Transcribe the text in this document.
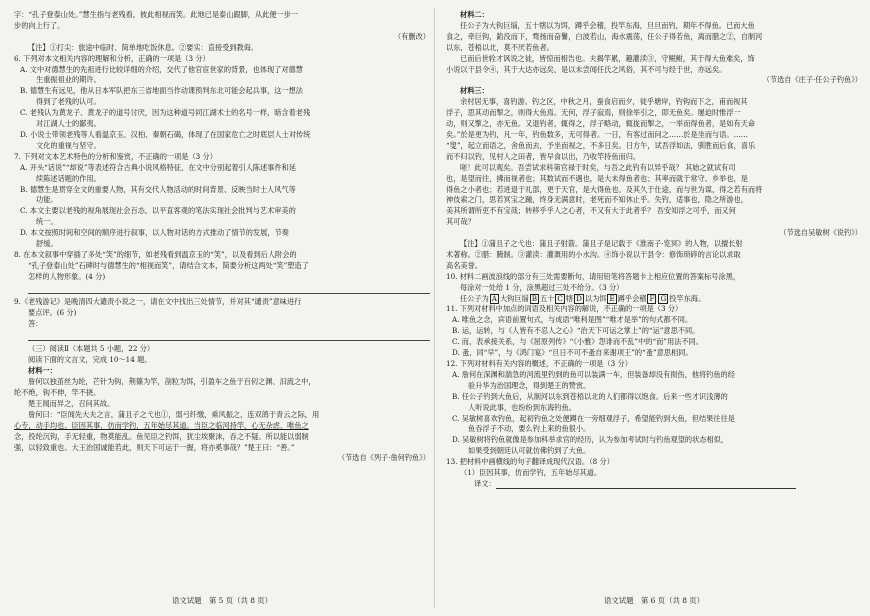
字：“孔子登泰山处。”慧生指与老残看，彼此相视而笑。此地已是泰山跟脚，从此便一步一

步的向上行了。

（有删改）

【注】①打尖：旅途中临时、简单地吃饭休息。②要实：直接受到教诲。

6. 下列对本文相关内容的理解和分析，正确的一项是（3 分）

A. 文中对德慧生的先祖进行比较详细的介绍，交代了他官宦世家的背景，也体现了对德慧

生重振祖业的期许。

B. 德慧生有远见，他从日本军队把东三省地面当作动课预判东北可能会起兵事，这一想法

得到了老残的认可。

C. 老残认为黄龙子、黄龙子的道号讨厌，因为这种道号同江湖术士的名号一样，暗含着老残

对江湖人士的鄙夷。

D. 小说士带领老残等人看温京玉、汉柏、秦朝石碣，体现了在国家危亡之时底层人士对传统

文化的重视与坚守。

7. 下列对文本艺术特色的分析和鉴赏，不正确的一项是（3 分）

A. 开头“话说”“却说”等表述符合古典小说风格特征，在文中分别起着引人陈述事件和延

续陈述话题的作用。

B. 德慧生是贯穿全文的重要人物，其有交代人物活动的时间背景、反映当时士人风气等

功能。

C. 本文主要以老残的视角展现社会百态，以平直客观的笔法实现社会批判与艺术审美的

统一。

D. 本文按照时间和空间的顺序进行叙事，以人物对话的方式推动了情节的发展，节奏

舒缓。

8. 在本文叙事中穿插了多处“笑”的细节，如老残看到温京玉的“笑”，以及看到后人附会的

“孔子登泰山处”石碑时与德慧生的“相视而笑”，请结合文本，简要分析这两处“笑”塑造了

怎样的人物形象。(4 分)

9.《老残游记》是晚清四大谴责小说之一，请在文中找出三处情节，并对其“谴责”意味进行

要点评。(6 分)

答：

（三）阅读Ⅱ（本题共 5 小题，22 分）

阅读下面的文言文，完成 10～14 题。

材料一：

詹何以独茧丝为纶，芒针为钩，荆篠为竿，剖粒为饵，引盈车之鱼于百仞之渊、汨流之中，

纶不绝，钩不伸，竿不挠。

楚王闻而异之，召问其故。

詹何曰：“臣闻先大夫之言，蒲且子之弋也①，弱弓纤缴，乘风振之，连双鸽于青云之际，用

心专，动手均也。臣因其事，仿而学钓，五年始尽其道。当臣之临河持竿，心无杂虑，唯鱼之

念，投纶沉钩，手无轻重，物莫能乱。鱼见臣之钓饵，犹尘埃聚沫，吞之不疑。所以能以弱制

强，以轻致重也。大王治国诚能若此，则天下可运于一握，将亦奚事哉？”楚王曰：“善。”

（节选自《列子·詹何钓鱼》）

语文试题　第 5 页（共 8 页）

材料二：

任公子为大钩巨缁，五十犗以为饵，蹲乎会稽，投竿东海，旦旦而钓，期年不得鱼。已而大鱼

食之，牵巨钩，錎没而下，骛扬而奋鬐，白波若山，海水震荡，任公子得若鱼，离而腊之②，自制河

以东，苍梧以北，莫不厌若鱼者。

已而后世辁才讽说之徒，皆惊而相告也。夫揭竿累，趣灌渎③，守鲵鲋，其于得大鱼难矣，饰

小说以干县令④，其于大达亦远矣，是以未尝闻任氏之风俗，其不可与经于世，亦远矣。

（节选自《庄子·任公子钓鱼》）

材料三：

余村居无事，喜钓游。钓之区，中秋之月，蚕食启而夕，徙乎塘岸，钓钩而下之，甫而视其

浮子，思其动而掣之，则得大鱼焉。无何，浮子寂焉，则徐举引之，即无鱼矣。屡迫时惟浮一

动，则又掣之，亦无鱼。又退钓者，辄得之，浮子略动，辄拢而掣之，一举而得鱼者，是如有天命

矣。”於是更为钓，凡一年，钓鱼数多，无可得者。一日，有客过而问之……於是坐而与语。……

“叟”，起立而语之，舍鱼而去，予坐而视之，不多日矣。日方午，试吾浮如法，驯胜而后食，喜乐

而不归以钓，见村人之田者，皆早食以出，乃收竿持鱼而归。

嗟！此可以观矣。吾尝试求科第官禄于时矣，与吾之此钓有以异乎哉？ 其始之就试有司

也，是望而往，拂而视者也；其数试而不遇也，是大未得鱼者也；其率而就于常守、乡举也，是

得鱼之小者也；若进退于礼部，更于天官，是大得鱼也。及其久于仕途，而与世为谋，得之若有而将

神伎索之门，思若冥宝之踵，终身无满意时，老死而不知休止乎。失钓，适事也，隐之所游也，

美其所谓所吏不有宝哉；转移乎乎人之心者，不又有大于此者乎？ 吾安知浮之可乎，而又何

其可哉？

（节选自吴敏树《说钓》）

【注】①蒲且子之弋也：蒲且子射箭。蒲且子是记载于《淮南子·览冥》的人物，以擅长射

术著称。②腊：腌制。③灌渎：灌溉用的小水沟。④饰小说以干县令：修饰琐碎的言论以求取

高名美誉。

10. 材料二画波浪线的部分有三处需要断句，请用铅笔将答题卡上相应位置的答案标号涂黑，

每涂对一处给 1 分，涂黑超过三处不给分。（3 分）

任公子为 A 大钩巨缁 B 五十 C 犗 D 以为饵 E 蹲乎会稽 F G 投竿东海。

11. 下列对材料中加点的词语及相关内容的解说，不正确的一项是（3 分）

A. 唯鱼之念，宾语前置句式，与成语“唯利是图”“唯才是举”的句式都不同。

B. 运，运转，与《人皆有不忍人之心》“治天下可运之掌上”的“运”意思不同。

C. 而，表承接关系，与《屈原列传》“《小雅》怨诽而不乱”中的“而”用法不同。

D. 蚤，同“早”，与《鸿门宴》“旦日不可不蚤自来谢项王”的“蚤”意思相同。

12. 下列对材料有关内容的概述，不正确的一项是（3 分）

A. 詹何在深渊和湍急的河流里钓到的鱼可以装满一车，但装备却没有损伤，他将钓鱼的经

验升华为治国理念，得到楚王的赞赏。

B. 任公子钓到大鱼后，从制河以东到苍梧以北的人们都得以饱食。后来一些才识浅薄的

人听说此事，也纷纷到东海钓鱼。

C. 吴敏树喜欢钓鱼，起初钓鱼之处便蹲在一旁细观浮子，希望能钓到大鱼，但结果往往是

鱼吞浮子不动，要么钓上来的鱼很小。

D. 吴敏树将钓鱼就像是参加科举求官的经历，认为参加考试时与钓鱼观望的状态相似，

如果受到朝廷认可就仿佛钓到了大鱼。

13. 把材料中画横线的句子翻译成现代汉语。（8 分）

（1）臣因其事，仿而学钓，五年始尽其道。

译文：

语文试题　第 6 页（共 8 页）
